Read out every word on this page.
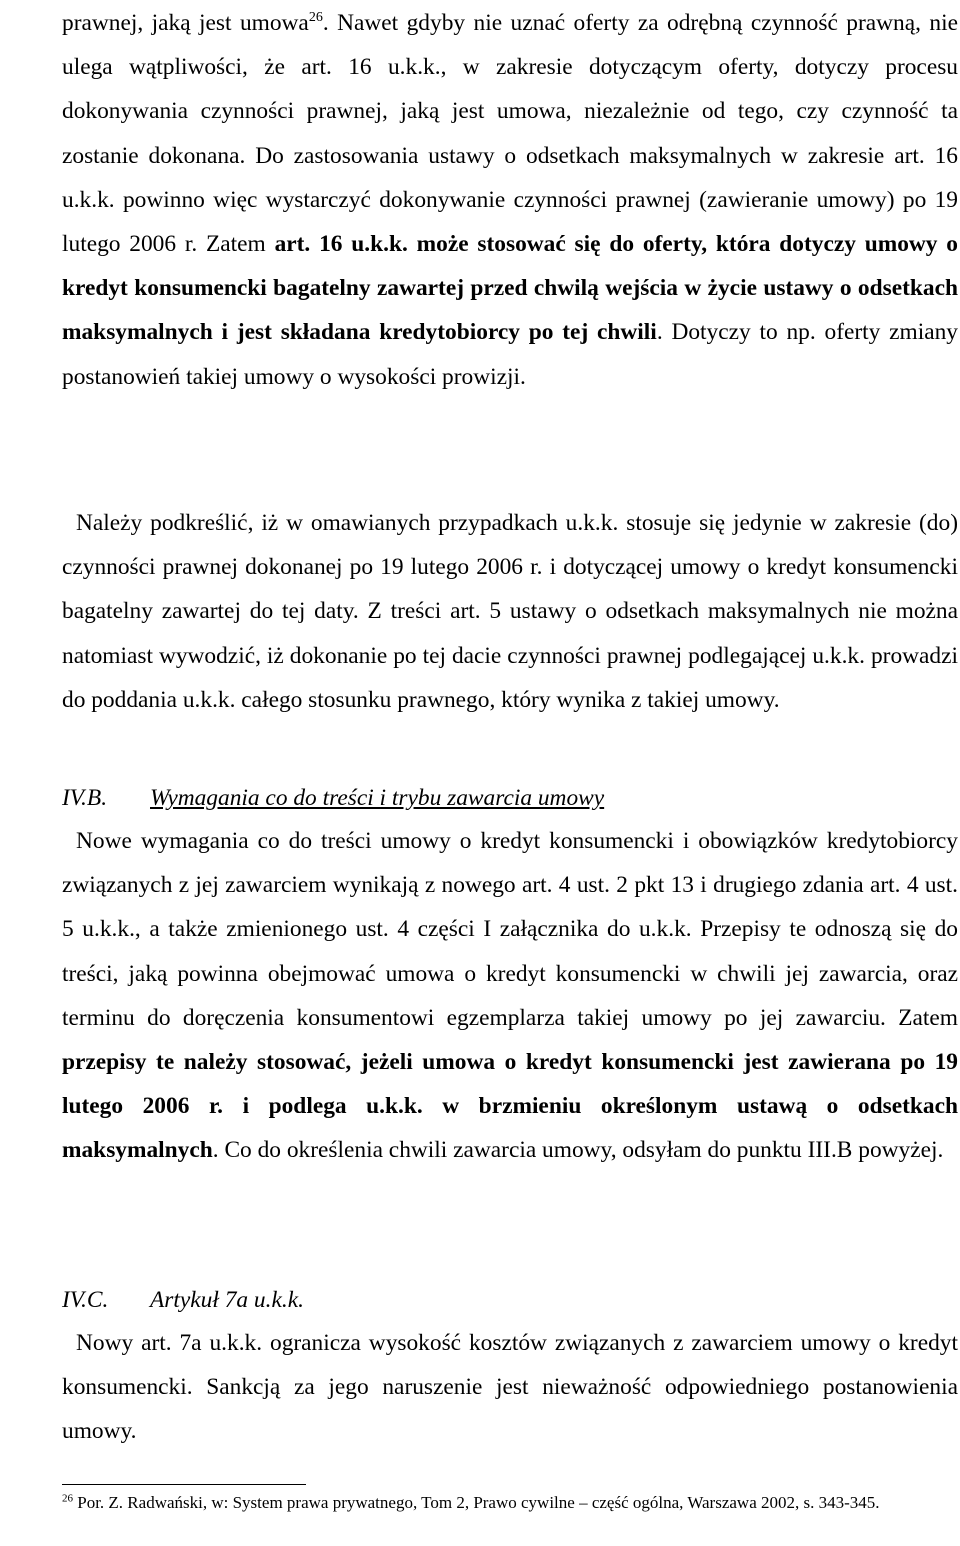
prawnej, jaką jest umowa$^{26}$. Nawet gdyby nie uznać oferty za odrębną czynność prawną, nie ulega wątpliwości, że art. 16 u.k.k., w zakresie dotyczącym oferty, dotyczy procesu dokonywania czynności prawnej, jaką jest umowa, niezależnie od tego, czy czynność ta zostanie dokonana. Do zastosowania ustawy o odsetkach maksymalnych w zakresie art. 16 u.k.k. powinno więc wystarczyć dokonywanie czynności prawnej (zawieranie umowy) po 19 lutego 2006 r. Zatem art. 16 u.k.k. może stosować się do oferty, która dotyczy umowy o kredyt konsumencki bagatelny zawartej przed chwilą wejścia w życie ustawy o odsetkach maksymalnych i jest składana kredytobiorcy po tej chwili. Dotyczy to np. oferty zmiany postanowień takiej umowy o wysokości prowizji.

Należy podkreślić, iż w omawianych przypadkach u.k.k. stosuje się jedynie w zakresie (do) czynności prawnej dokonanej po 19 lutego 2006 r. i dotyczącej umowy o kredyt konsumencki bagatelny zawartej do tej daty. Z treści art. 5 ustawy o odsetkach maksymalnych nie można natomiast wywodzić, iż dokonanie po tej dacie czynności prawnej podlegającej u.k.k. prowadzi do poddania u.k.k. całego stosunku prawnego, który wynika z takiej umowy.

IV.B. Wymagania co do treści i trybu zawarcia umowy

Nowe wymagania co do treści umowy o kredyt konsumencki i obowiązków kredytobiorcy związanych z jej zawarciem wynikają z nowego art. 4 ust. 2 pkt 13 i drugiego zdania art. 4 ust. 5 u.k.k., a także zmienionego ust. 4 części I załącznika do u.k.k. Przepisy te odnoszą się do treści, jaką powinna obejmować umowa o kredyt konsumencki w chwili jej zawarcia, oraz terminu do doręczenia konsumentowi egzemplarza takiej umowy po jej zawarciu. Zatem przepisy te należy stosować, jeżeli umowa o kredyt konsumencki jest zawierana po 19 lutego 2006 r. i podlega u.k.k. w brzmieniu określonym ustawą o odsetkach maksymalnych. Co do określenia chwili zawarcia umowy, odsyłam do punktu III.B powyżej.

IV.C. Artykuł 7a u.k.k.

Nowy art. 7a u.k.k. ogranicza wysokość kosztów związanych z zawarciem umowy o kredyt konsumencki. Sankcją za jego naruszenie jest nieważność odpowiedniego postanowienia umowy.

$^{26}$ Por. Z. Radwański, w: System prawa prywatnego, Tom 2, Prawo cywilne – część ogólna, Warszawa 2002, s. 343-345.
